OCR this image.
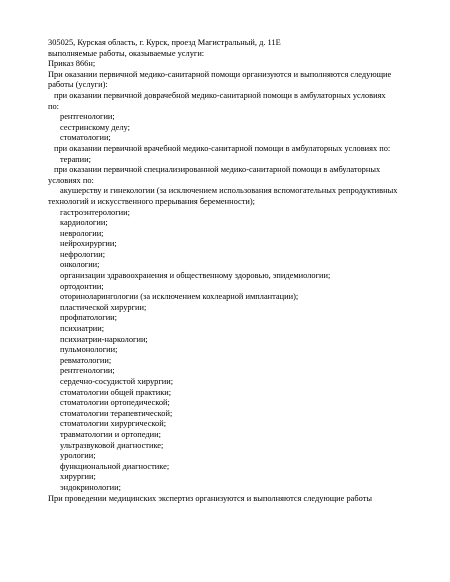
305025, Курская область, г. Курск, проезд Магистральный, д. 11Е

выполняемые работы, оказываемые услуги:

Приказ 866н;

При оказании первичной медико-санитарной помощи организуются и выполняются следующие

работы (услуги):

при оказании первичной доврачебной медико-санитарной помощи в амбулаторных условиях

по:

рентгенологии;

сестринскому делу;

стоматологии;

при оказании первичной врачебной медико-санитарной помощи в амбулаторных условиях по:

терапии;

при оказании первичной специализированной медико-санитарной помощи в амбулаторных

условиях по:

акушерству и гинекологии (за исключением использования вспомогательных репродуктивных

технологий и искусственного прерывания беременности);

гастроэнтерологии;

кардиологии;

неврологии;

нейрохирургии;

нефрологии;

онкологии;

организации здравоохранения и общественному здоровью, эпидемиологии;

ортодонтии;

оториноларингологии (за исключением кохлеарной имплантации);

пластической хирургии;

профпатологии;

психиатрии;

психиатрии-наркологии;

пульмонологии;

ревматологии;

рентгенологии;

сердечно-сосудистой хирургии;

стоматологии общей практики;

стоматологии ортопедической;

стоматологии терапевтической;

стоматологии хирургической;

травматологии и ортопедии;

ультразвуковой диагностике;

урологии;

функциональной диагностике;

хирургии;

эндокринологии;

При проведении медицинских экспертиз организуются и выполняются следующие работы
